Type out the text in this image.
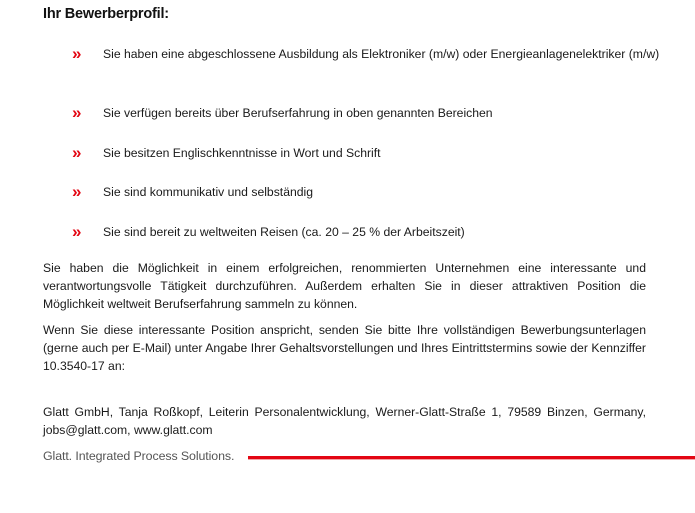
Ihr Bewerberprofil:
»	Sie haben eine abgeschlossene Ausbildung als Elektroniker (m/w) oder Energieanlagenelektriker (m/w)
»	Sie verfügen bereits über Berufserfahrung in oben genannten Bereichen
»	Sie besitzen Englischkenntnisse in Wort und Schrift
»	Sie sind kommunikativ und selbständig
»	Sie sind bereit zu weltweiten Reisen (ca. 20 – 25 % der Arbeitszeit)

Sie haben die Möglichkeit in einem erfolgreichen, renommierten Unternehmen eine interessante und verantwortungsvolle Tätigkeit durchzuführen. Außerdem erhalten Sie in dieser attraktiven Position die Möglichkeit weltweit Berufserfahrung sammeln zu können.

Wenn Sie diese interessante Position anspricht, senden Sie bitte Ihre vollständigen Bewerbungsunterlagen (gerne auch per E-Mail) unter Angabe Ihrer Gehaltsvorstellungen und Ihres Eintrittstermins sowie der Kennziffer 10.3540-17 an:

Glatt GmbH, Tanja Roßkopf, Leiterin Personalentwicklung, Werner-Glatt-Straße 1, 79589 Binzen, Germany, jobs@glatt.com, www.glatt.com

Glatt. Integrated Process Solutions.
